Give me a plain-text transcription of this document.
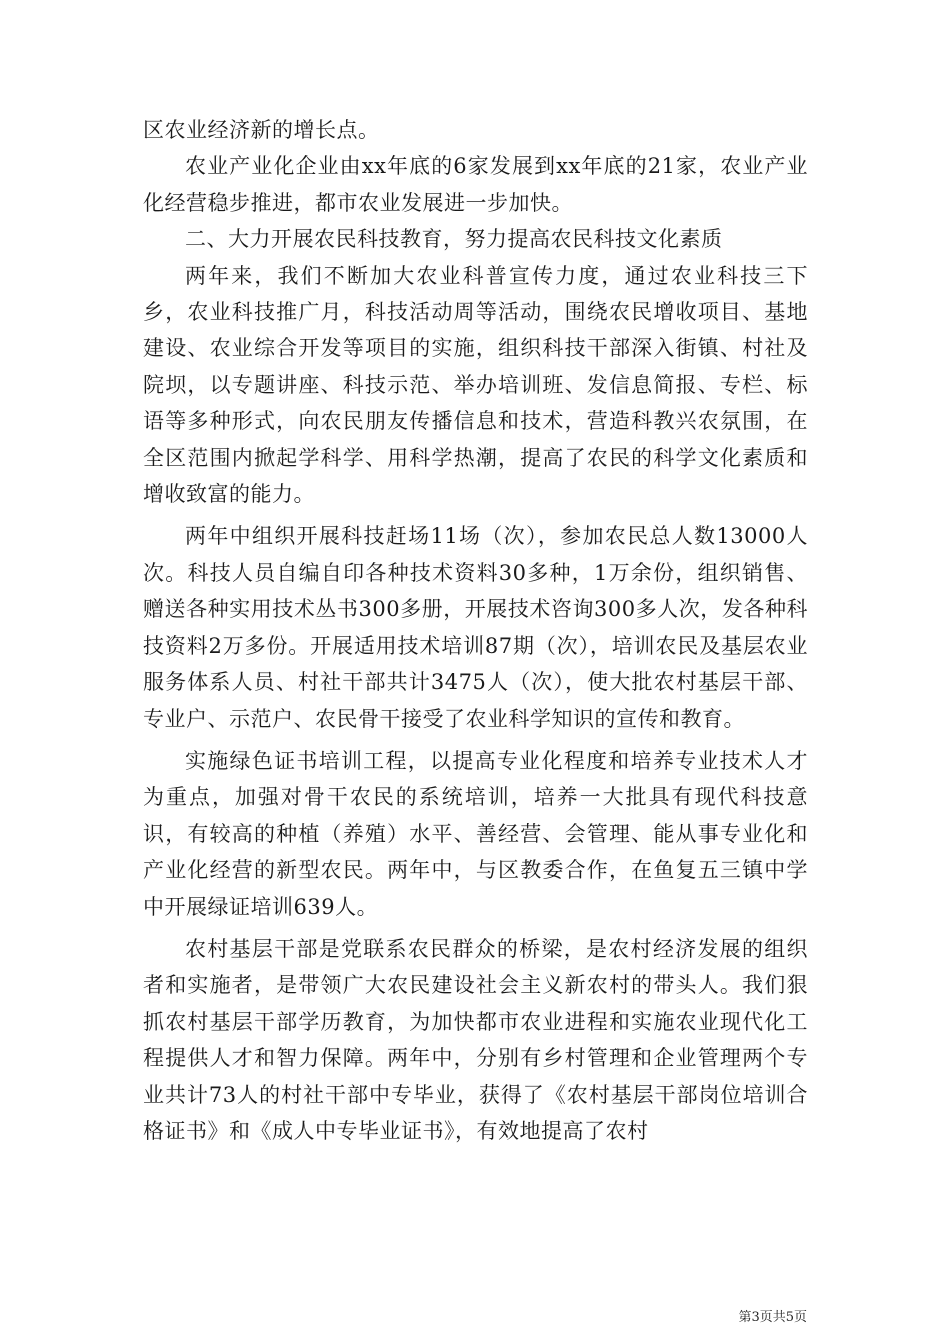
区农业经济新的增长点。

农业产业化企业由xx年底的6家发展到xx年底的21家，农业产业化经营稳步推进，都市农业发展进一步加快。

二、大力开展农民科技教育，努力提高农民科技文化素质

两年来，我们不断加大农业科普宣传力度，通过农业科技三下乡，农业科技推广月，科技活动周等活动，围绕农民增收项目、基地建设、农业综合开发等项目的实施，组织科技干部深入街镇、村社及院坝，以专题讲座、科技示范、举办培训班、发信息简报、专栏、标语等多种形式，向农民朋友传播信息和技术，营造科教兴农氛围，在全区范围内掀起学科学、用科学热潮，提高了农民的科学文化素质和增收致富的能力。

两年中组织开展科技赶场11场（次），参加农民总人数13000人次。科技人员自编自印各种技术资料30多种，1万余份，组织销售、赠送各种实用技术丛书300多册，开展技术咨询300多人次，发各种科技资料2万多份。开展适用技术培训87期（次），培训农民及基层农业服务体系人员、村社干部共计3475人（次），使大批农村基层干部、专业户、示范户、农民骨干接受了农业科学知识的宣传和教育。

实施绿色证书培训工程，以提高专业化程度和培养专业技术人才为重点，加强对骨干农民的系统培训，培养一大批具有现代科技意识，有较高的种植（养殖）水平、善经营、会管理、能从事专业化和产业化经营的新型农民。两年中，与区教委合作，在鱼复五三镇中学中开展绿证培训639人。

农村基层干部是党联系农民群众的桥梁，是农村经济发展的组织者和实施者，是带领广大农民建设社会主义新农村的带头人。我们狠抓农村基层干部学历教育，为加快都市农业进程和实施农业现代化工程提供人才和智力保障。两年中，分别有乡村管理和企业管理两个专业共计73人的村社干部中专毕业，获得了《农村基层干部岗位培训合格证书》和《成人中专毕业证书》，有效地提高了农村

第3页共5页
